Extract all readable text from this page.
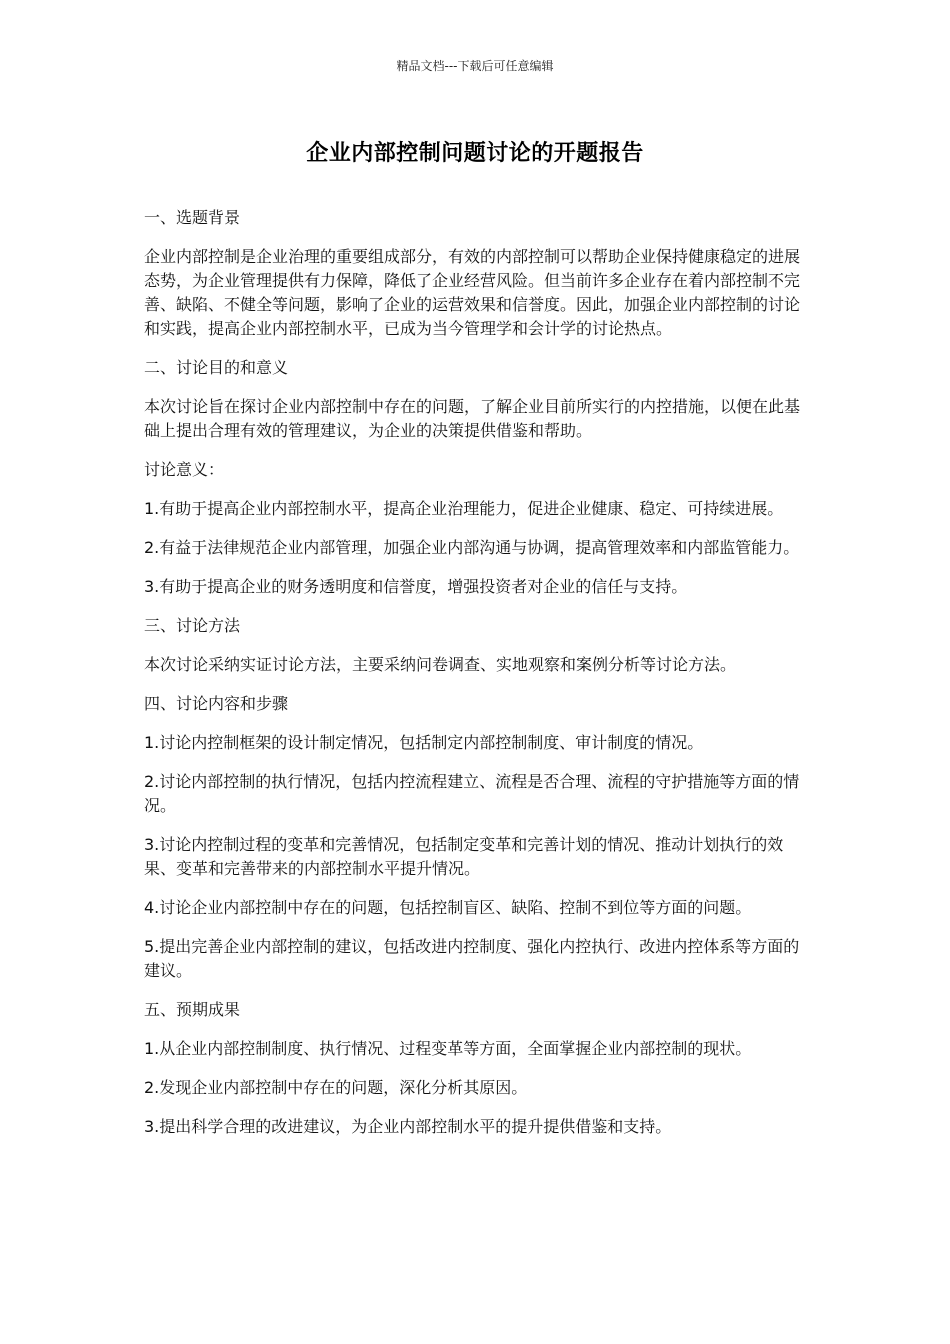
精品文档---下载后可任意编辑
企业内部控制问题讨论的开题报告

一、选题背景

企业内部控制是企业治理的重要组成部分，有效的内部控制可以帮助企业保持健康稳定的进展态势，为企业管理提供有力保障，降低了企业经营风险。但当前许多企业存在着内部控制不完善、缺陷、不健全等问题，影响了企业的运营效果和信誉度。因此，加强企业内部控制的讨论和实践，提高企业内部控制水平，已成为当今管理学和会计学的讨论热点。

二、讨论目的和意义

本次讨论旨在探讨企业内部控制中存在的问题，了解企业目前所实行的内控措施，以便在此基础上提出合理有效的管理建议，为企业的决策提供借鉴和帮助。

讨论意义：

1.有助于提高企业内部控制水平，提高企业治理能力，促进企业健康、稳定、可持续进展。

2.有益于法律规范企业内部管理，加强企业内部沟通与协调，提高管理效率和内部监管能力。

3.有助于提高企业的财务透明度和信誉度，增强投资者对企业的信任与支持。

三、讨论方法

本次讨论采纳实证讨论方法，主要采纳问卷调查、实地观察和案例分析等讨论方法。

四、讨论内容和步骤

1.讨论内控制框架的设计制定情况，包括制定内部控制制度、审计制度的情况。

2.讨论内部控制的执行情况，包括内控流程建立、流程是否合理、流程的守护措施等方面的情况。

3.讨论内控制过程的变革和完善情况，包括制定变革和完善计划的情况、推动计划执行的效果、变革和完善带来的内部控制水平提升情况。

4.讨论企业内部控制中存在的问题，包括控制盲区、缺陷、控制不到位等方面的问题。

5.提出完善企业内部控制的建议，包括改进内控制度、强化内控执行、改进内控体系等方面的建议。

五、预期成果

1.从企业内部控制制度、执行情况、过程变革等方面，全面掌握企业内部控制的现状。

2.发现企业内部控制中存在的问题，深化分析其原因。

3.提出科学合理的改进建议，为企业内部控制水平的提升提供借鉴和支持。
